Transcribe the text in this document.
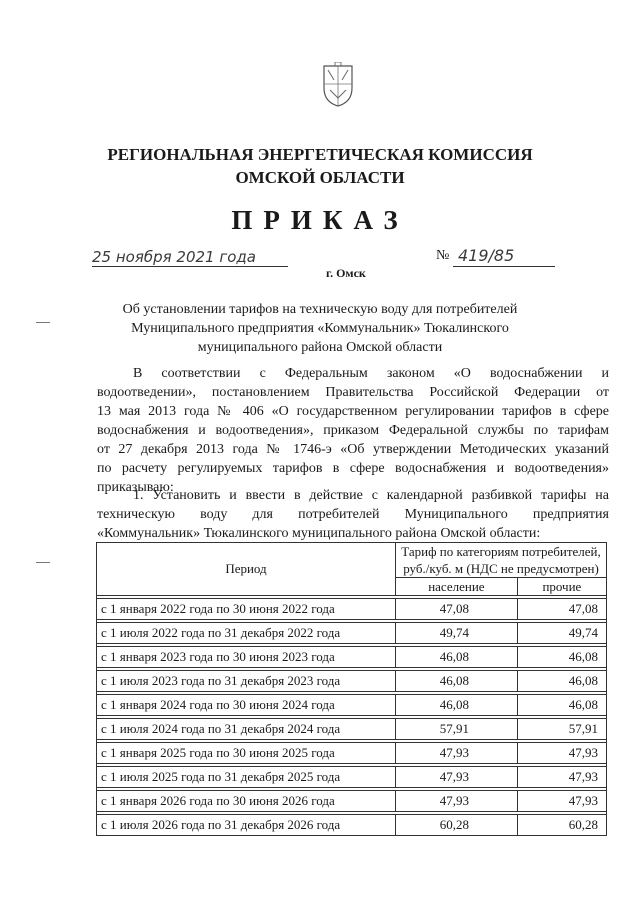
РЕГИОНАЛЬНАЯ ЭНЕРГЕТИЧЕСКАЯ КОМИССИЯ
ОМСКОЙ ОБЛАСТИ
ПРИКАЗ
25 ноября 2021 года	№ 419/85
г. Омск
Об установлении тарифов на техническую воду для потребителей
Муниципального предприятия «Коммунальник» Тюкалинского
муниципального района Омской области
В соответствии с Федеральным законом «О водоснабжении и
водоотведении», постановлением Правительства Российской Федерации от
13 мая 2013 года № 406 «О государственном регулировании тарифов в сфере
водоснабжения и водоотведения», приказом Федеральной службы по тарифам
от 27 декабря 2013 года № 1746-э «Об утверждении Методических указаний
по расчету регулируемых тарифов в сфере водоснабжения и водоотведения»
приказываю:
1. Установить и ввести в действие с календарной разбивкой тарифы на
техническую воду для потребителей Муниципального предприятия
«Коммунальник» Тюкалинского муниципального района Омской области:
Период	Тариф по категориям потребителей, руб./куб. м (НДС не предусмотрен)	
	население	прочие

с 1 января 2022 года по 30 июня 2022 года	47,08	47,08

с 1 июля 2022 года по 31 декабря 2022 года	49,74	49,74

с 1 января 2023 года по 30 июня 2023 года	46,08	46,08

с 1 июля 2023 года по 31 декабря 2023 года	46,08	46,08

с 1 января 2024 года по 30 июня 2024 года	46,08	46,08

с 1 июля 2024 года по 31 декабря 2024 года	57,91	57,91

с 1 января 2025 года по 30 июня 2025 года	47,93	47,93

с 1 июля 2025 года по 31 декабря 2025 года	47,93	47,93

с 1 января 2026 года по 30 июня 2026 года	47,93	47,93

с 1 июля 2026 года по 31 декабря 2026 года	60,28	60,28
